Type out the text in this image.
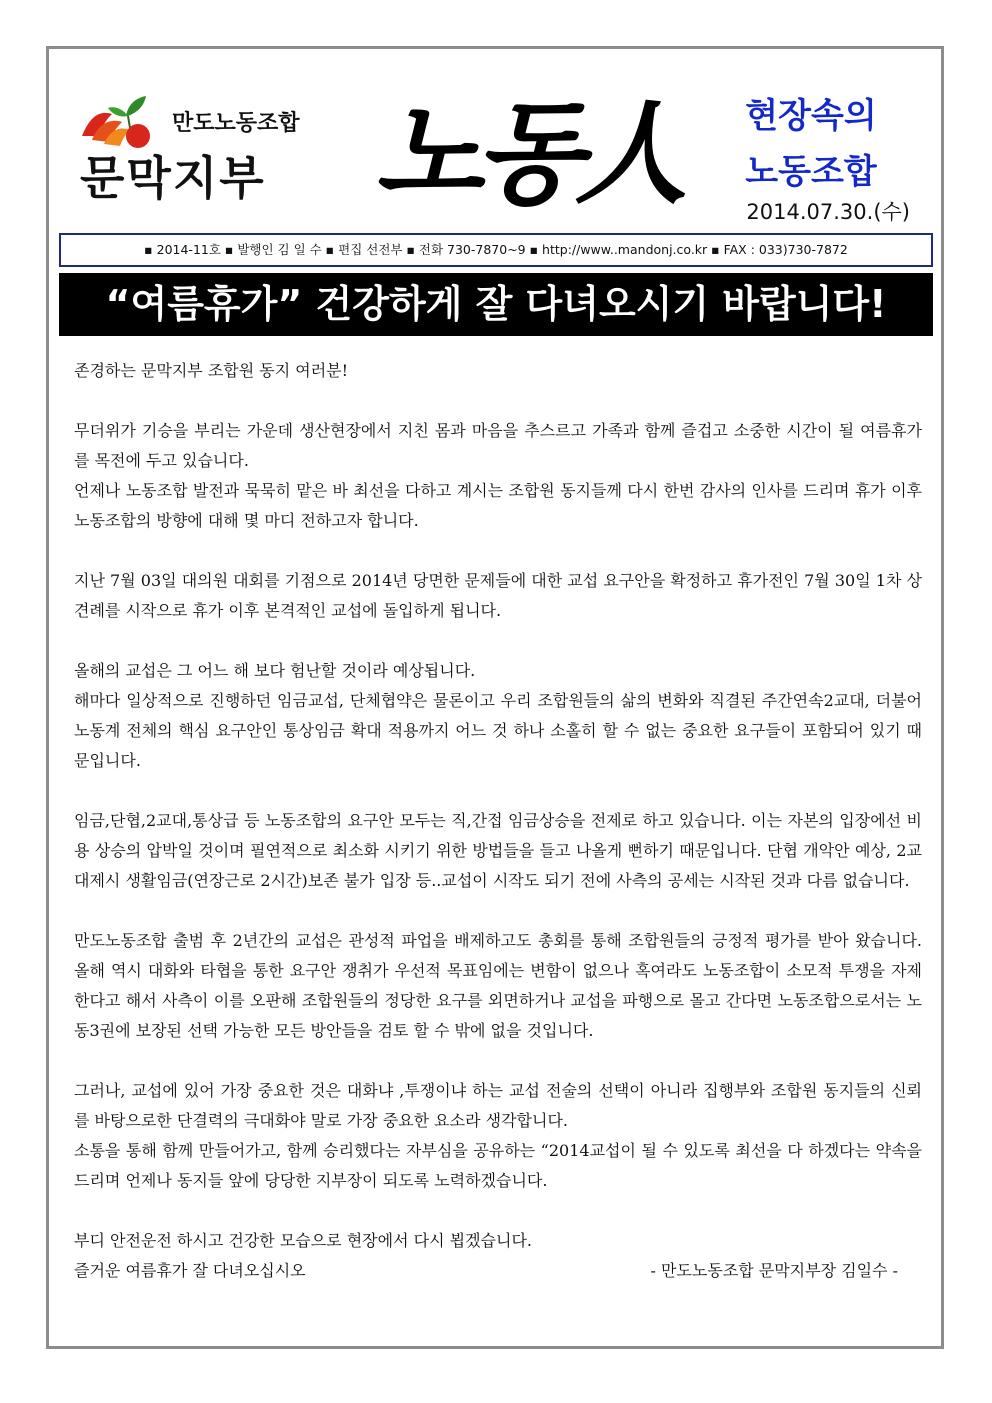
만도노동조합
문막지부 노동人	현장속의
노동조합
2014.07.30.(수)
▪ 2014-11호 ▪ 발행인 김 일 수 ▪ 편집 선전부 ▪ 전화 730-7870~9 ▪ http://www..mandonj.co.kr ▪ FAX : 033)730-7872
“여름휴가” 건강하게 잘 다녀오시기 바랍니다!

존경하는 문막지부 조합원 동지 여러분!

무더위가 기승을 부리는 가운데 생산현장에서 지친 몸과 마음을 추스르고 가족과 함께 즐겁고 소중한 시간이 될 여름휴가를 목전에 두고 있습니다.

언제나 노동조합 발전과 묵묵히 맡은 바 최선을 다하고 계시는 조합원 동지들께 다시 한번 감사의 인사를 드리며 휴가 이후 노동조합의 방향에 대해 몇 마디 전하고자 합니다.

지난 7월 03일 대의원 대회를 기점으로 2014년 당면한 문제들에 대한 교섭 요구안을 확정하고 휴가전인 7월 30일 1차 상견례를 시작으로 휴가 이후 본격적인 교섭에 돌입하게 됩니다.

올해의 교섭은 그 어느 해 보다 험난할 것이라 예상됩니다.

해마다 일상적으로 진행하던 임금교섭, 단체협약은 물론이고 우리 조합원들의 삶의 변화와 직결된 주간연속2교대, 더불어 노동계 전체의 핵심 요구안인 통상임금 확대 적용까지 어느 것 하나 소홀히 할 수 없는 중요한 요구들이 포함되어 있기 때문입니다.

임금,단협,2교대,통상급 등 노동조합의 요구안 모두는 직,간접 임금상승을 전제로 하고 있습니다. 이는 자본의 입장에선 비용 상승의 압박일 것이며 필연적으로 최소화 시키기 위한 방법들을 들고 나올게 뻔하기 때문입니다. 단협 개악안 예상, 2교대제시 생활임금(연장근로 2시간)보존 불가 입장 등..교섭이 시작도 되기 전에 사측의 공세는 시작된 것과 다름 없습니다.

만도노동조합 출범 후 2년간의 교섭은 관성적 파업을 배제하고도 총회를 통해 조합원들의 긍정적 평가를 받아 왔습니다. 올해 역시 대화와 타협을 통한 요구안 쟁취가 우선적 목표임에는 변함이 없으나 혹여라도 노동조합이 소모적 투쟁을 자제한다고 해서 사측이 이를 오판해 조합원들의 정당한 요구를 외면하거나 교섭을 파행으로 몰고 간다면 노동조합으로서는 노동3권에 보장된 선택 가능한 모든 방안들을 검토 할 수 밖에 없을 것입니다.

그러나, 교섭에 있어 가장 중요한 것은 대화냐 ,투쟁이냐 하는 교섭 전술의 선택이 아니라 집행부와 조합원 동지들의 신뢰를 바탕으로한 단결력의 극대화야 말로 가장 중요한 요소라 생각합니다.

소통을 통해 함께 만들어가고, 함께 승리했다는 자부심을 공유하는 “2014교섭이 될 수 있도록 최선을 다 하겠다는 약속을 드리며 언제나 동지들 앞에 당당한 지부장이 되도록 노력하겠습니다.

부디 안전운전 하시고 건강한 모습으로 현장에서 다시 뵙겠습니다.

즐거운 여름휴가 잘 다녀오십시오	- 만도노동조합 문막지부장 김일수 -
